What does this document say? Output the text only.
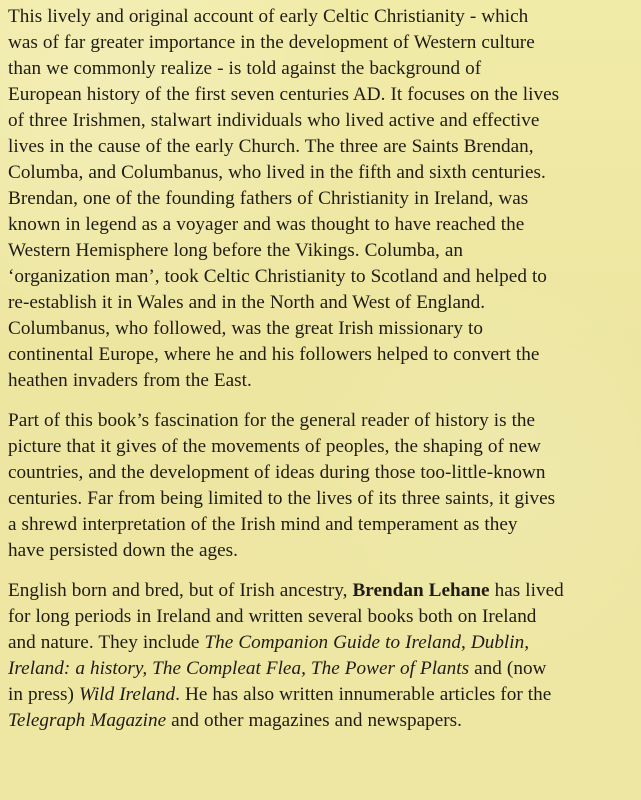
This lively and original account of early Celtic Christianity - which
was of far greater importance in the development of Western culture
than we commonly realize - is told against the background of
European history of the first seven centuries AD. It focuses on the lives
of three Irishmen, stalwart individuals who lived active and effective
lives in the cause of the early Church. The three are Saints Brendan,
Columba, and Columbanus, who lived in the fifth and sixth centuries.
Brendan, one of the founding fathers of Christianity in Ireland, was
known in legend as a voyager and was thought to have reached the
Western Hemisphere long before the Vikings. Columba, an
‘organization man’, took Celtic Christianity to Scotland and helped to
re-establish it in Wales and in the North and West of England.
Columbanus, who followed, was the great Irish missionary to
continental Europe, where he and his followers helped to convert the
heathen invaders from the East.

Part of this book’s fascination for the general reader of history is the
picture that it gives of the movements of peoples, the shaping of new
countries, and the development of ideas during those too-little-known
centuries. Far from being limited to the lives of its three saints, it gives
a shrewd interpretation of the Irish mind and temperament as they
have persisted down the ages.

English born and bred, but of Irish ancestry, Brendan Lehane has lived
for long periods in Ireland and written several books both on Ireland
and nature. They include The Companion Guide to Ireland, Dublin,
Ireland: a history, The Compleat Flea, The Power of Plants and (now
in press) Wild Ireland. He has also written innumerable articles for the
Telegraph Magazine and other magazines and newspapers.
